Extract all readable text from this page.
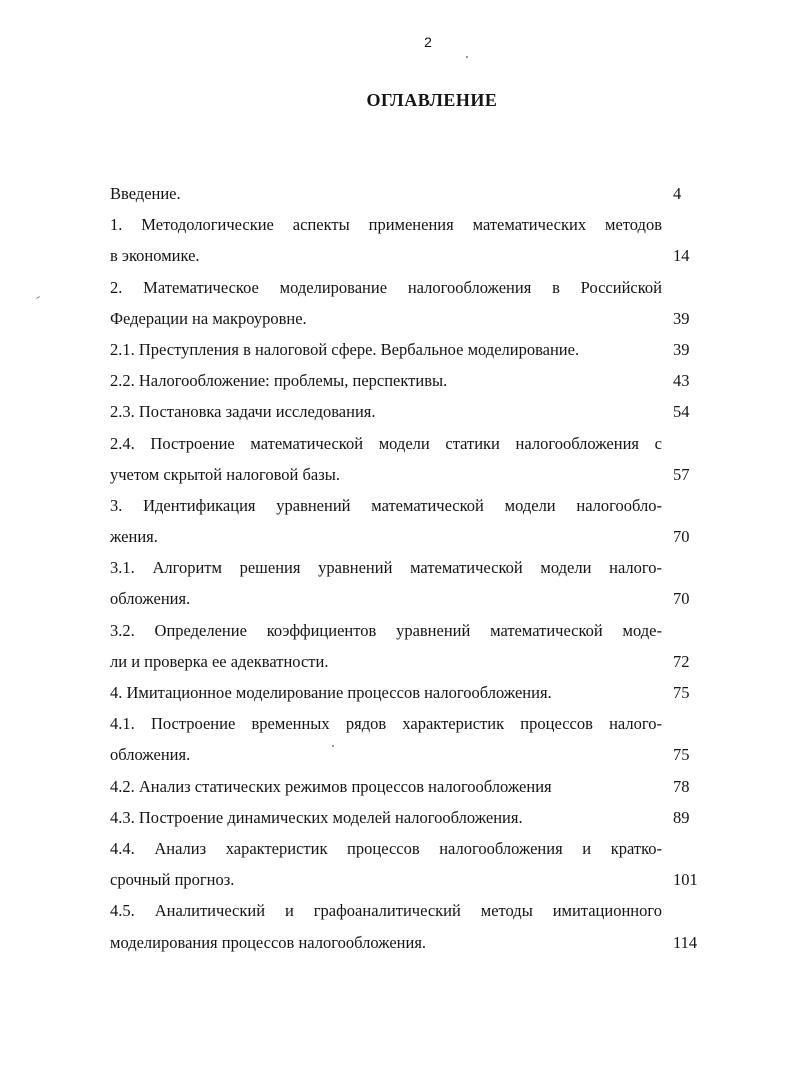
2
ОГЛАВЛЕНИЕ
Введение.	4
1. Методологические аспекты применения математических методов
в экономике.	14
2. Математическое моделирование налогообложения в Российской
Федерации на макроуровне.	39
2.1. Преступления в налоговой сфере. Вербальное моделирование.	39
2.2. Налогообложение: проблемы, перспективы.	43
2.3. Постановка задачи исследования.	54
2.4. Построение математической модели статики налогообложения с
учетом скрытой налоговой базы.	57
3. Идентификация уравнений математической модели налогообло-
жения.	70
3.1. Алгоритм решения уравнений математической модели налого-
обложения.	70
3.2. Определение коэффициентов уравнений математической моде-
ли и проверка ее адекватности.	72
4. Имитационное моделирование процессов налогообложения.	75
4.1. Построение временных рядов характеристик процессов налого-
обложения.	75
4.2. Анализ статических режимов процессов налогообложения	78
4.3. Построение динамических моделей налогообложения.	89
4.4. Анализ характеристик процессов налогообложения и кратко-
срочный прогноз.	101
4.5. Аналитический и графоаналитический методы имитационного
моделирования процессов налогообложения.	114
